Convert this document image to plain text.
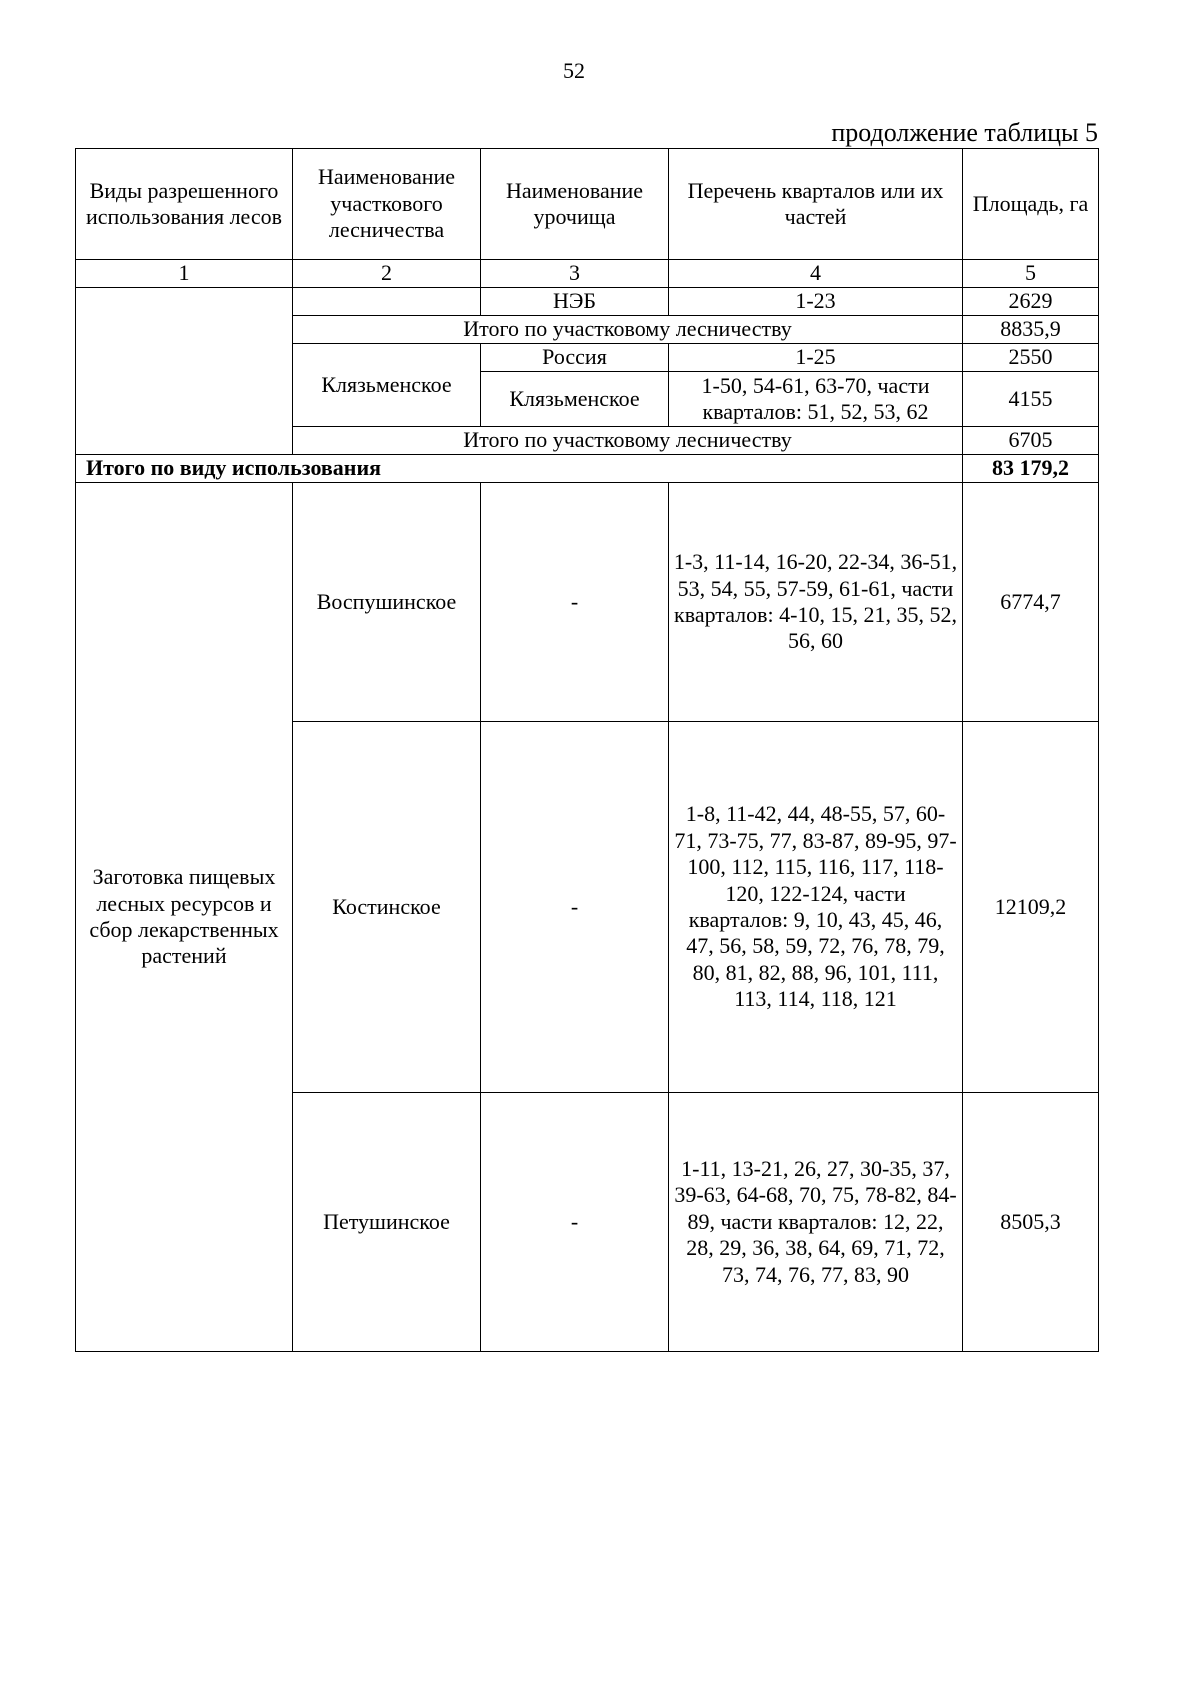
52
продолжение таблицы 5
Виды разрешенного использования лесов	Наименование участкового лесничества	Наименование урочища	Перечень кварталов или их частей	Площадь, га
1	2	3	4	5
		НЭБ	1-23	2629
	Итого по участковому лесничеству			8835,9
	Клязьменское	Россия	1-25	2550
		Клязьменское	1-50, 54-61, 63-70, части кварталов: 51, 52, 53, 62	4155
	Итого по участковому лесничеству			6705
Итого по виду использования				83 179,2
Заготовка пищевых лесных ресурсов и сбор лекарственных растений	Воспушинское	-	1-3, 11-14, 16-20, 22-34, 36-51, 53, 54, 55, 57-59, 61-61, части кварталов: 4-10, 15, 21, 35, 52, 56, 60	6774,7
	Костинское	-	1-8, 11-42, 44, 48-55, 57, 60-71, 73-75, 77, 83-87, 89-95, 97-100, 112, 115, 116, 117, 118-120, 122-124, части кварталов: 9, 10, 43, 45, 46, 47, 56, 58, 59, 72, 76, 78, 79, 80, 81, 82, 88, 96, 101, 111, 113, 114, 118, 121	12109,2
	Петушинское	-	1-11, 13-21, 26, 27, 30-35, 37, 39-63, 64-68, 70, 75, 78-82, 84-89, части кварталов: 12, 22, 28, 29, 36, 38, 64, 69, 71, 72, 73, 74, 76, 77, 83, 90	8505,3
